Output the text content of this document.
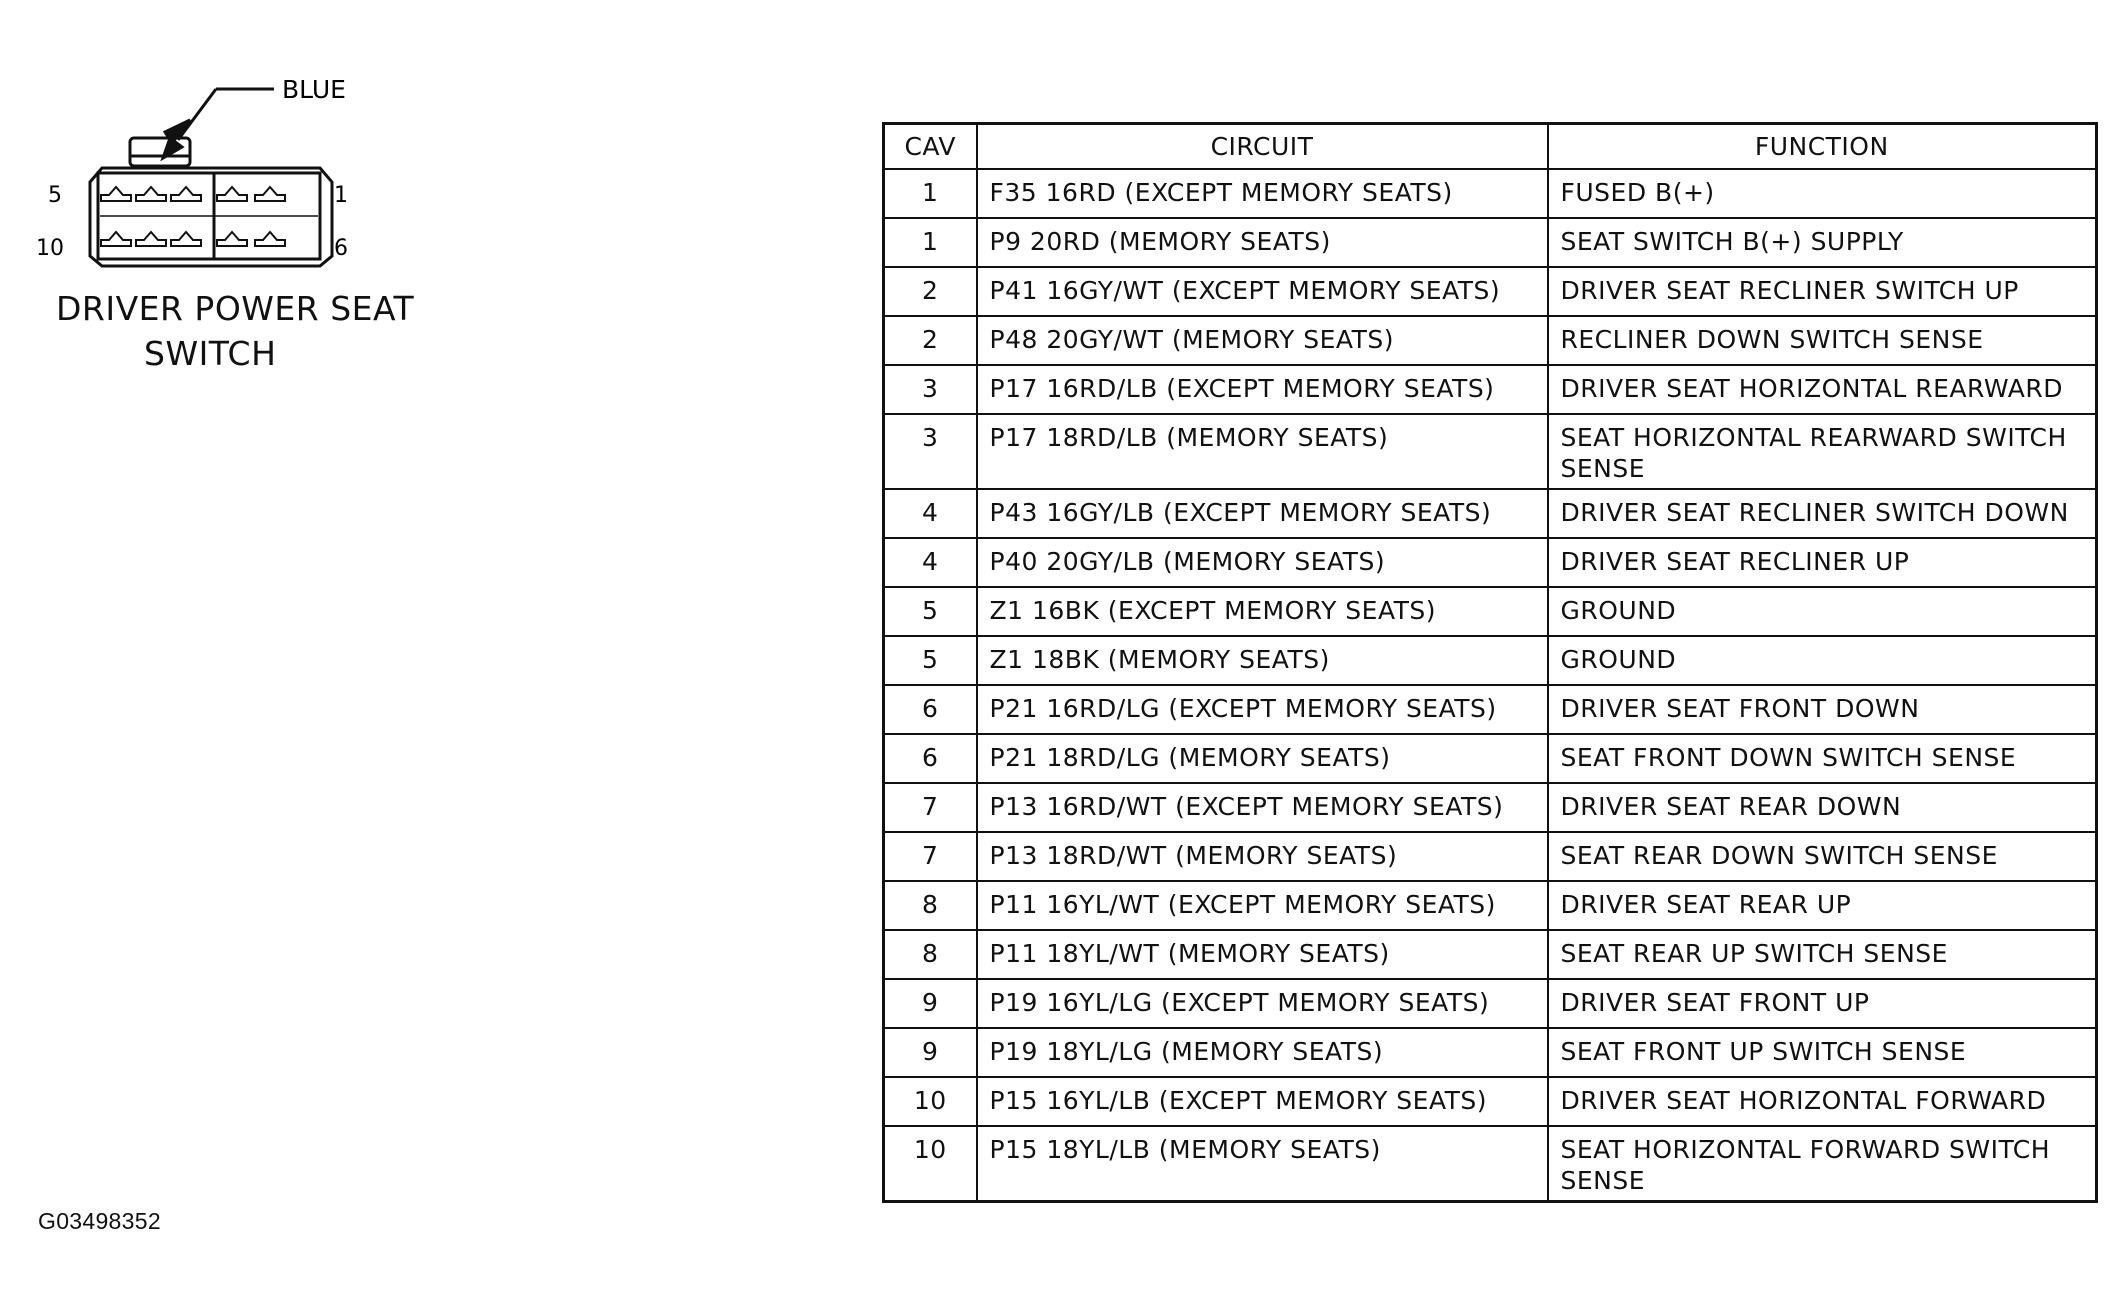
BLUE
5
10
1
6
DRIVER POWER SEAT
SWITCH
CAV	CIRCUIT	FUNCTION
1	F35 16RD (EXCEPT MEMORY SEATS)	FUSED B(+)
1	P9 20RD (MEMORY SEATS)	SEAT SWITCH B(+) SUPPLY
2	P41 16GY/WT (EXCEPT MEMORY SEATS)	DRIVER SEAT RECLINER SWITCH UP
2	P48 20GY/WT (MEMORY SEATS)	RECLINER DOWN SWITCH SENSE
3	P17 16RD/LB (EXCEPT MEMORY SEATS)	DRIVER SEAT HORIZONTAL REARWARD
3	P17 18RD/LB (MEMORY SEATS)	SEAT HORIZONTAL REARWARD SWITCH SENSE
4	P43 16GY/LB (EXCEPT MEMORY SEATS)	DRIVER SEAT RECLINER SWITCH DOWN
4	P40 20GY/LB (MEMORY SEATS)	DRIVER SEAT RECLINER UP
5	Z1 16BK (EXCEPT MEMORY SEATS)	GROUND
5	Z1 18BK (MEMORY SEATS)	GROUND
6	P21 16RD/LG (EXCEPT MEMORY SEATS)	DRIVER SEAT FRONT DOWN
6	P21 18RD/LG (MEMORY SEATS)	SEAT FRONT DOWN SWITCH SENSE
7	P13 16RD/WT (EXCEPT MEMORY SEATS)	DRIVER SEAT REAR DOWN
7	P13 18RD/WT (MEMORY SEATS)	SEAT REAR DOWN SWITCH SENSE
8	P11 16YL/WT (EXCEPT MEMORY SEATS)	DRIVER SEAT REAR UP
8	P11 18YL/WT (MEMORY SEATS)	SEAT REAR UP SWITCH SENSE
9	P19 16YL/LG (EXCEPT MEMORY SEATS)	DRIVER SEAT FRONT UP
9	P19 18YL/LG (MEMORY SEATS)	SEAT FRONT UP SWITCH SENSE
10	P15 16YL/LB (EXCEPT MEMORY SEATS)	DRIVER SEAT HORIZONTAL FORWARD
10	P15 18YL/LB (MEMORY SEATS)	SEAT HORIZONTAL FORWARD SWITCH SENSE
G03498352
